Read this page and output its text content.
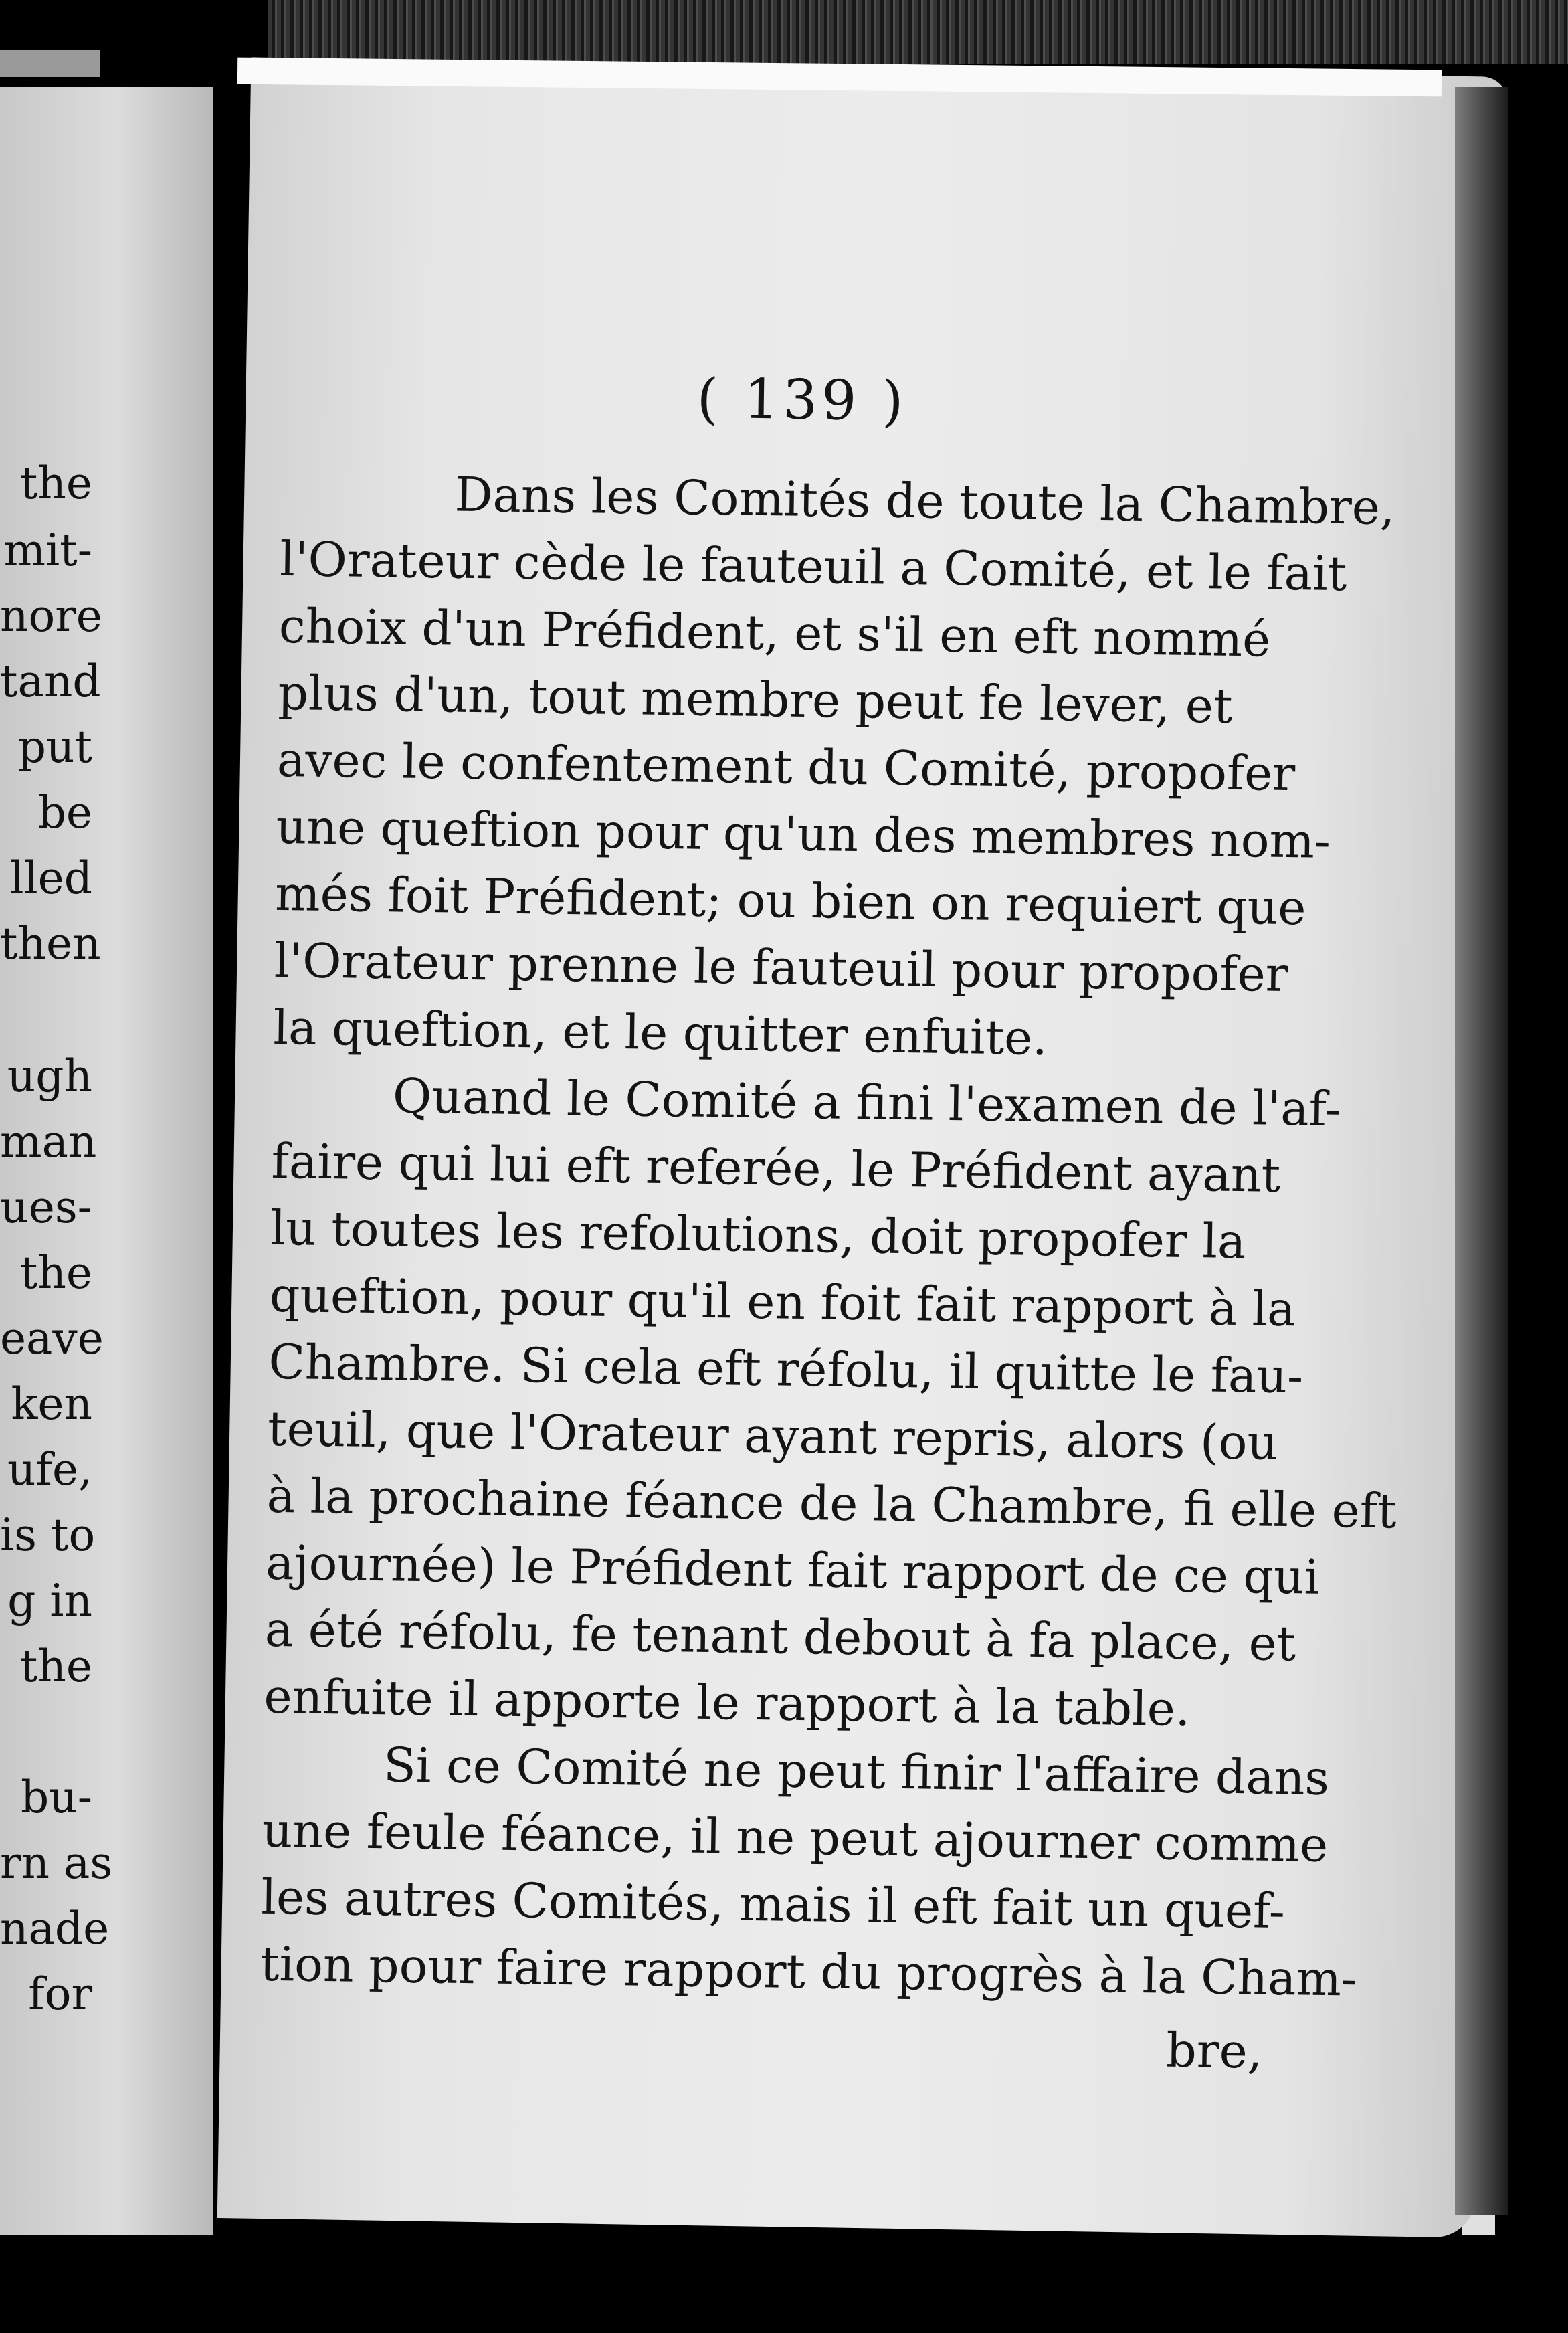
the
mit-
nore
tand
put
be
lled
then
ugh
man
ues-
the
eave
ken
ufe,
is to
g in
the
bu-
rn as
nade
for
( 139 )
Dans les Comités de toute la Chambre,
l'Orateur cède le fauteuil a Comité, et le fait
choix d'un Préfident, et s'il en eft nommé
plus d'un, tout membre peut fe lever, et
avec le confentement du Comité, propofer
une queftion pour qu'un des membres nom-
més foit Préfident; ou bien on requiert que
l'Orateur prenne le fauteuil pour propofer
la queftion, et le quitter enfuite.
Quand le Comité a fini l'examen de l'af-
faire qui lui eft referée, le Préfident ayant
lu toutes les refolutions, doit propofer la
queftion, pour qu'il en foit fait rapport à la
Chambre. Si cela eft réfolu, il quitte le fau-
teuil, que l'Orateur ayant repris, alors (ou
à la prochaine féance de la Chambre, fi elle eft
ajournée) le Préfident fait rapport de ce qui
a été réfolu, fe tenant debout à fa place, et
enfuite il apporte le rapport à la table.
Si ce Comité ne peut finir l'affaire dans
une feule féance, il ne peut ajourner comme
les autres Comités, mais il eft fait un quef-
tion pour faire rapport du progrès à la Cham-
bre,
